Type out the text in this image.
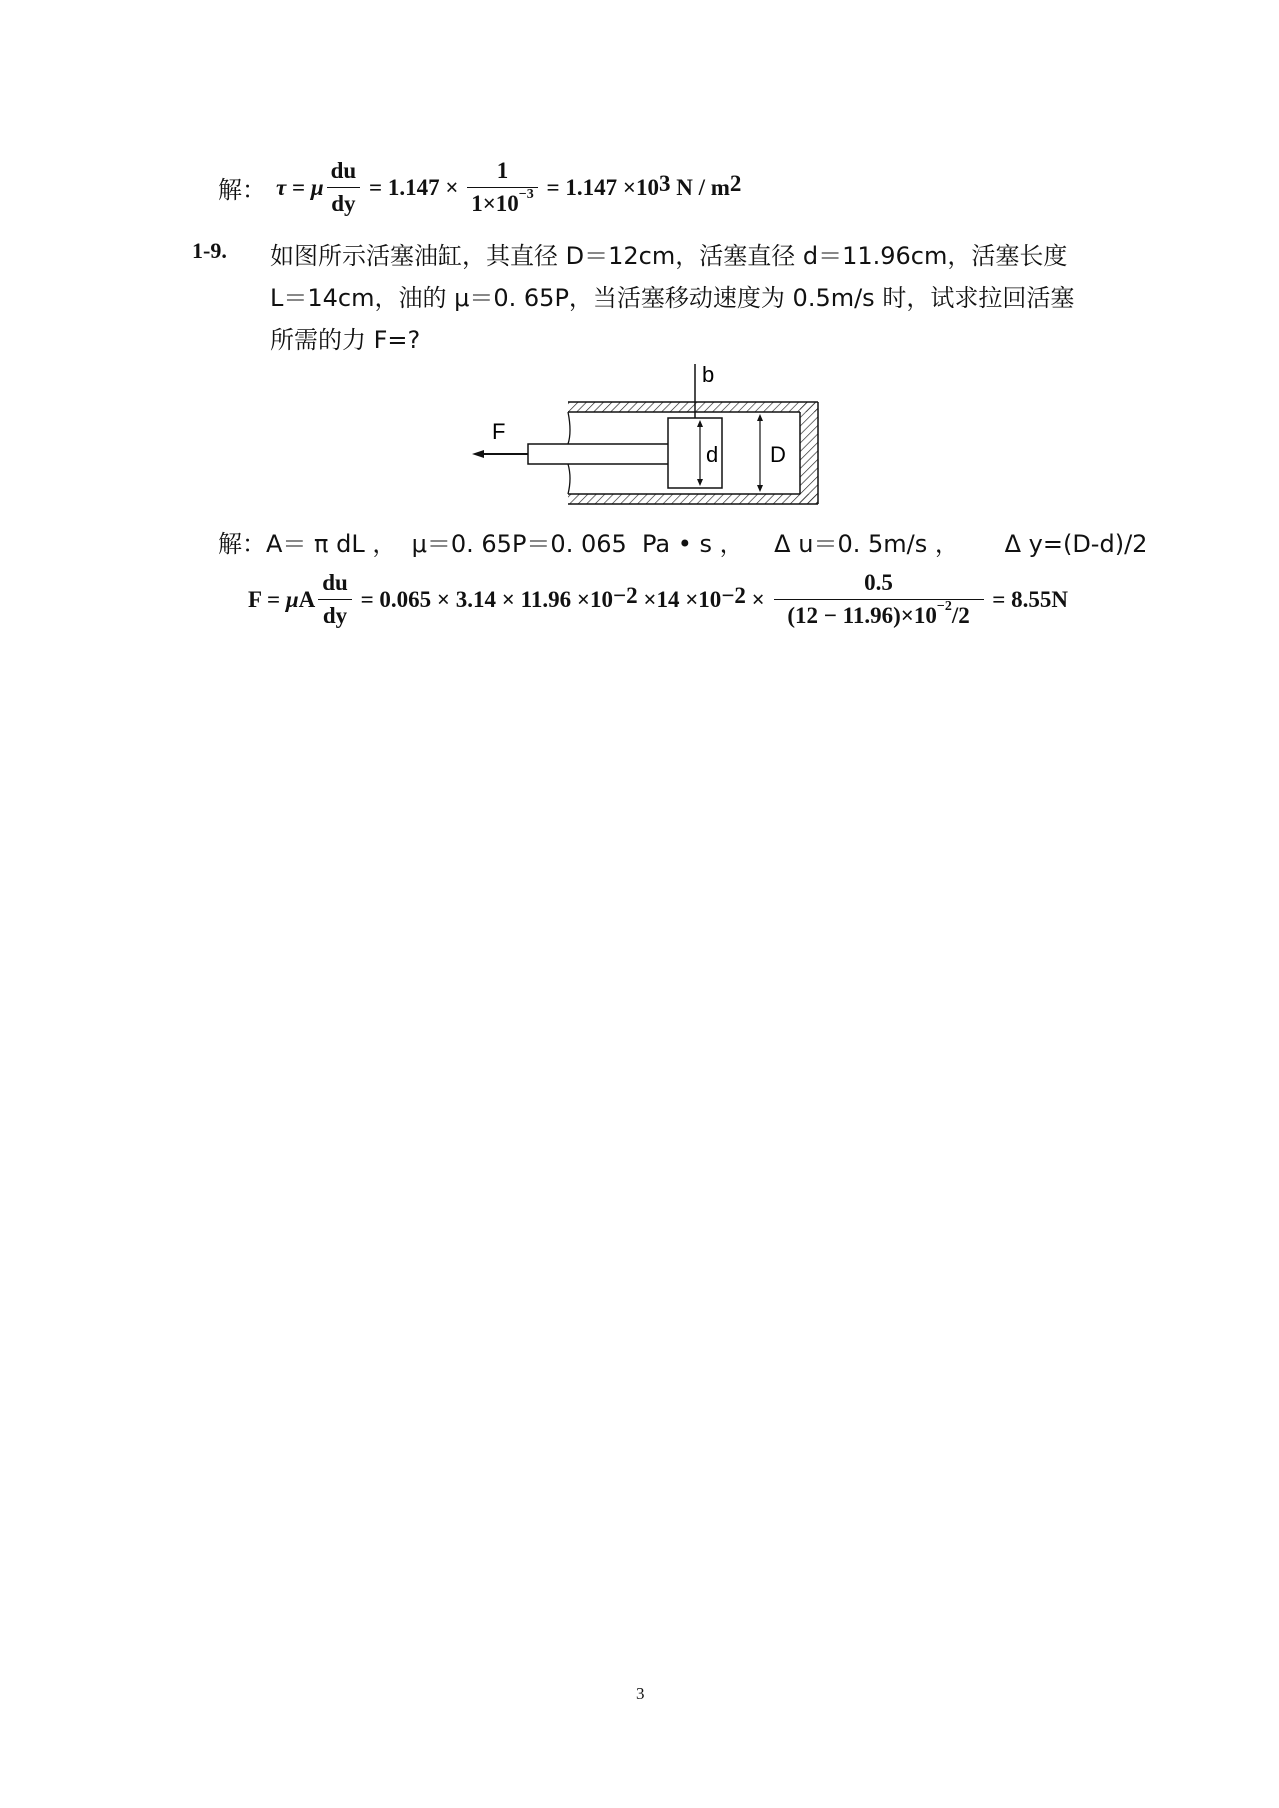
解： τ = μ $\frac{du}{dy} = 1.147 \times \frac{1}{1\times 10^{-3}} = 1.147 \times 10^3$ N / $m^2$
1-9. 如图所示活塞油缸，其直径 D＝12cm，活塞直径 d＝11.96cm，活塞长度
L＝14cm，油的 μ＝0. 65P，当活塞移动速度为 0.5m/s 时，试求拉回活塞
所需的力 F=?
b
F
d D
解：A＝ π dL ，  μ＝0. 65P＝0. 065  Pa • s ，    Δ u＝0. 5m/s ，      Δ y=(D-d)/2
F = μ A $\frac{du}{dy} = 0.065 \times 3.14 \times 11.96 \times 10^{-2} \times 14 \times 10^{-2} \times \frac{0.5}{(12 - 11.96)\times 10^{-2}/2} = 8.55N$
3
